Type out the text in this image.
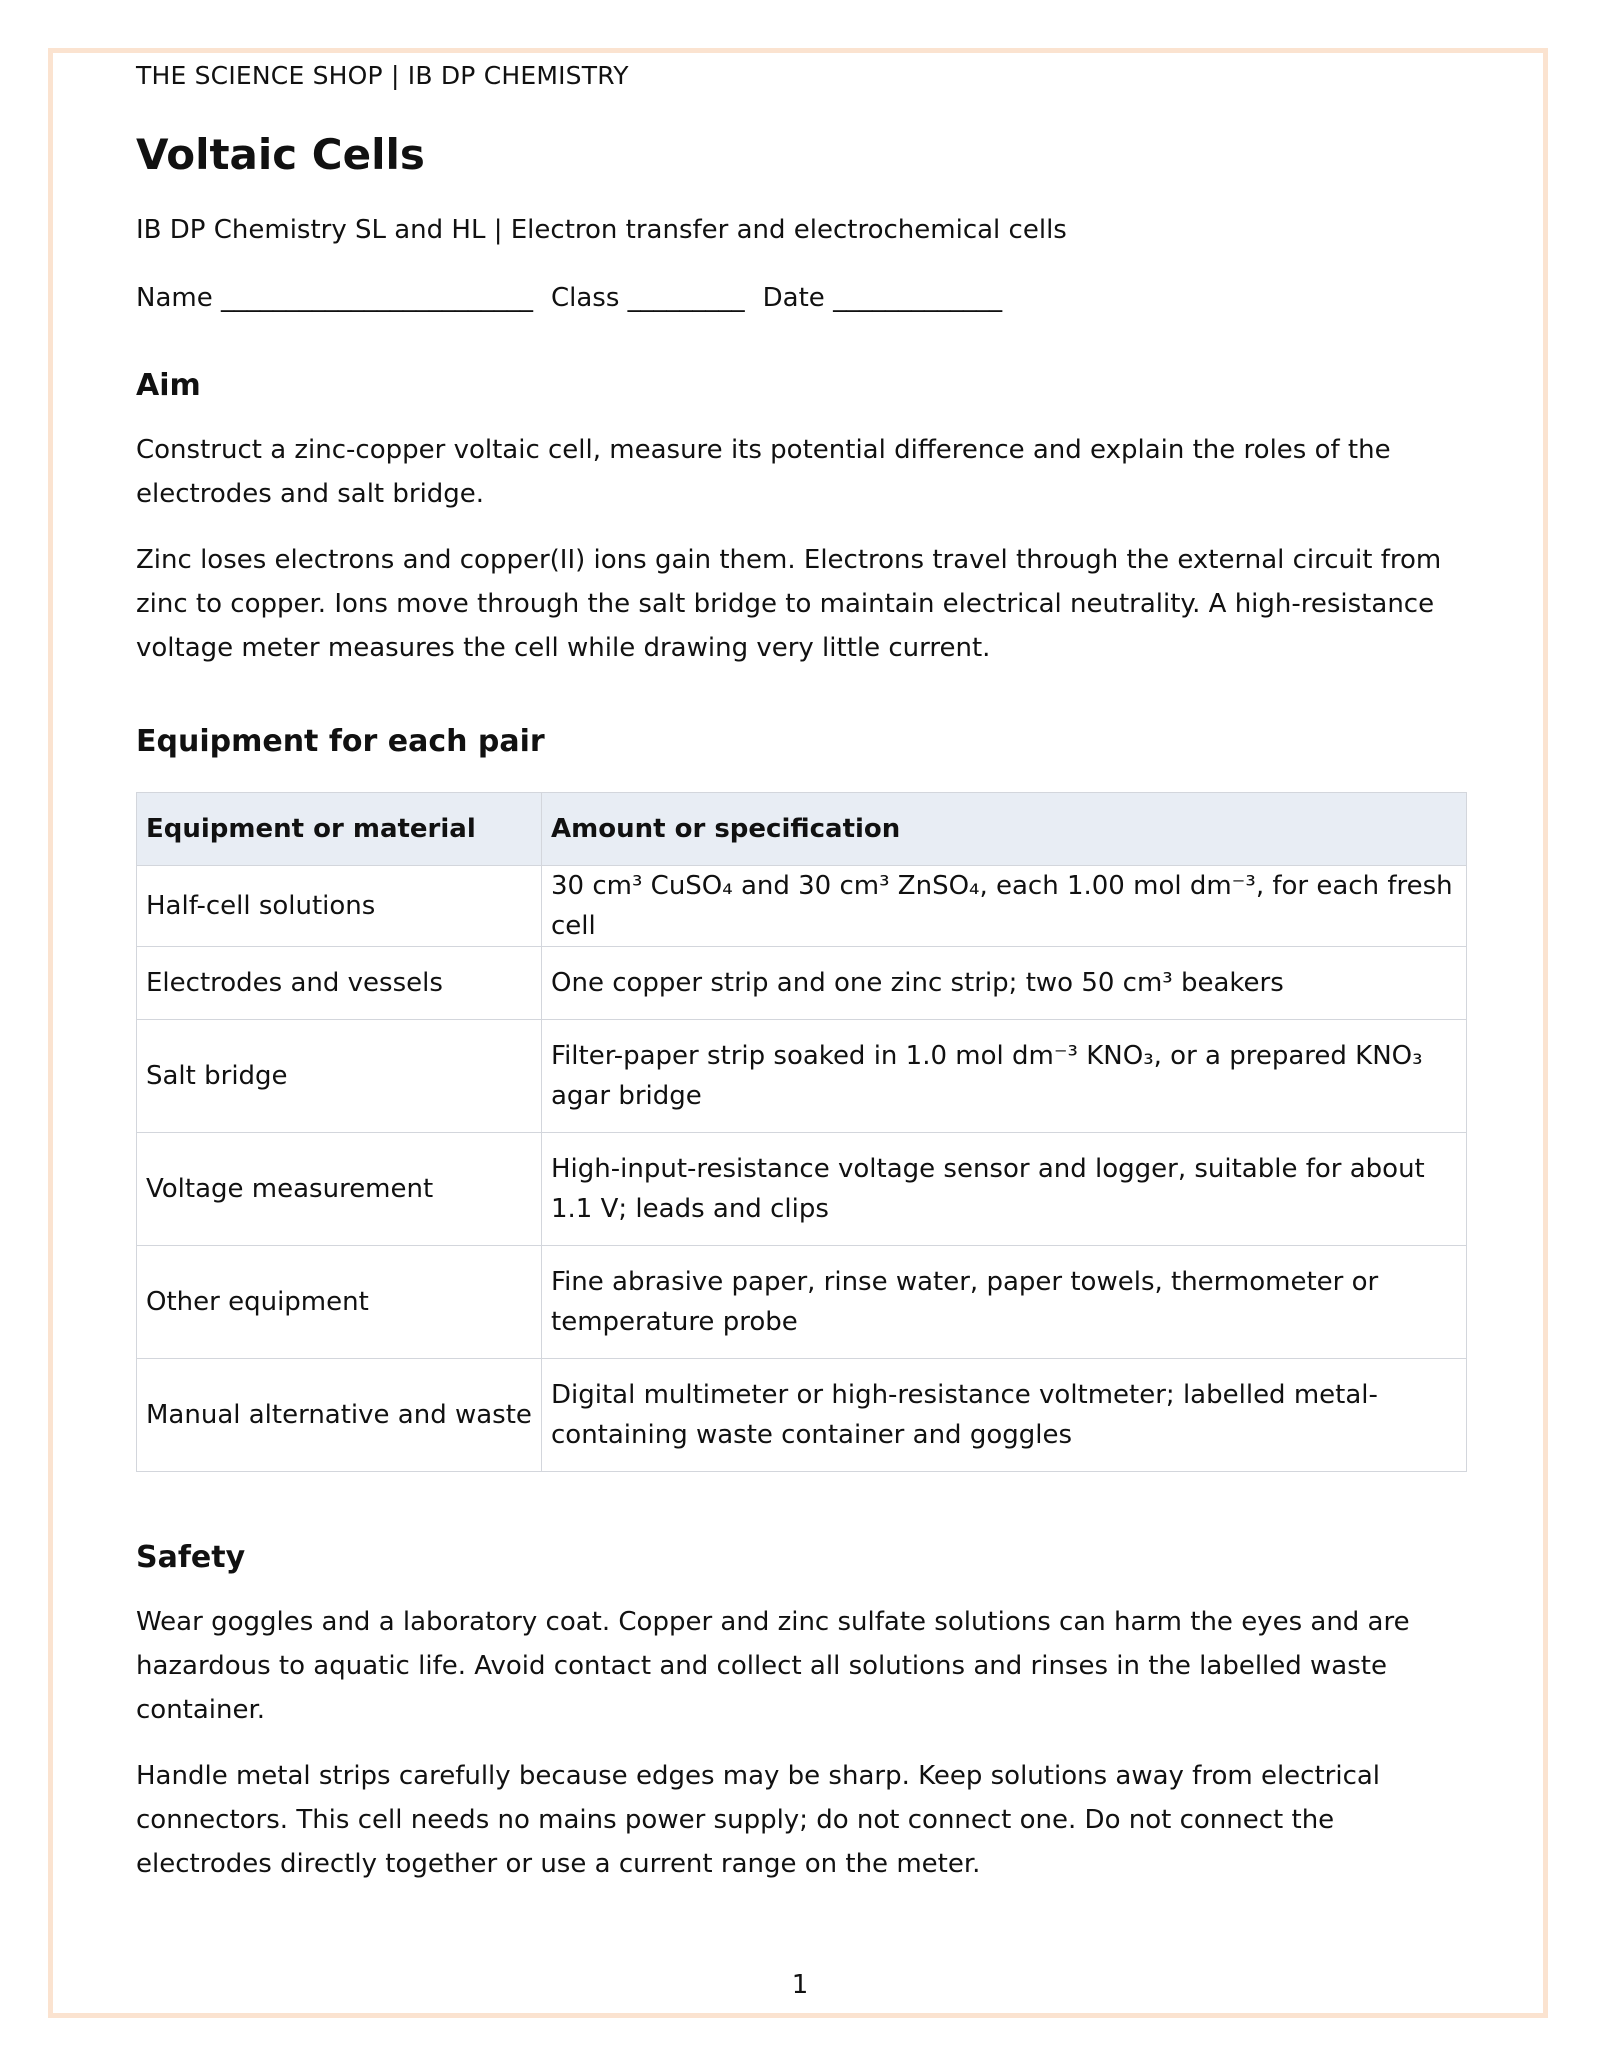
THE SCIENCE SHOP | IB DP CHEMISTRY
Voltaic Cells
IB DP Chemistry SL and HL | Electron transfer and electrochemical cells
Name ________________________ Class _________ Date _____________
Aim

Construct a zinc-copper voltaic cell, measure its potential difference and explain the roles of the electrodes and salt bridge.

Zinc loses electrons and copper(II) ions gain them. Electrons travel through the external circuit from zinc to copper. Ions move through the salt bridge to maintain electrical neutrality. A high-resistance voltage meter measures the cell while drawing very little current.

Equipment for each pair
Equipment or material	Amount or specification
Half-cell solutions	30 cm³ CuSO₄ and 30 cm³ ZnSO₄, each 1.00 mol dm⁻³, for each fresh cell
Electrodes and vessels	One copper strip and one zinc strip; two 50 cm³ beakers
Salt bridge	Filter-paper strip soaked in 1.0 mol dm⁻³ KNO₃, or a prepared KNO₃ agar bridge
Voltage measurement	High-input-resistance voltage sensor and logger, suitable for about 1.1 V; leads and clips
Other equipment	Fine abrasive paper, rinse water, paper towels, thermometer or temperature probe
Manual alternative and waste	Digital multimeter or high-resistance voltmeter; labelled metal-containing waste container and goggles
Safety

Wear goggles and a laboratory coat. Copper and zinc sulfate solutions can harm the eyes and are hazardous to aquatic life. Avoid contact and collect all solutions and rinses in the labelled waste container.

Handle metal strips carefully because edges may be sharp. Keep solutions away from electrical connectors. This cell needs no mains power supply; do not connect one. Do not connect the electrodes directly together or use a current range on the meter.

1
